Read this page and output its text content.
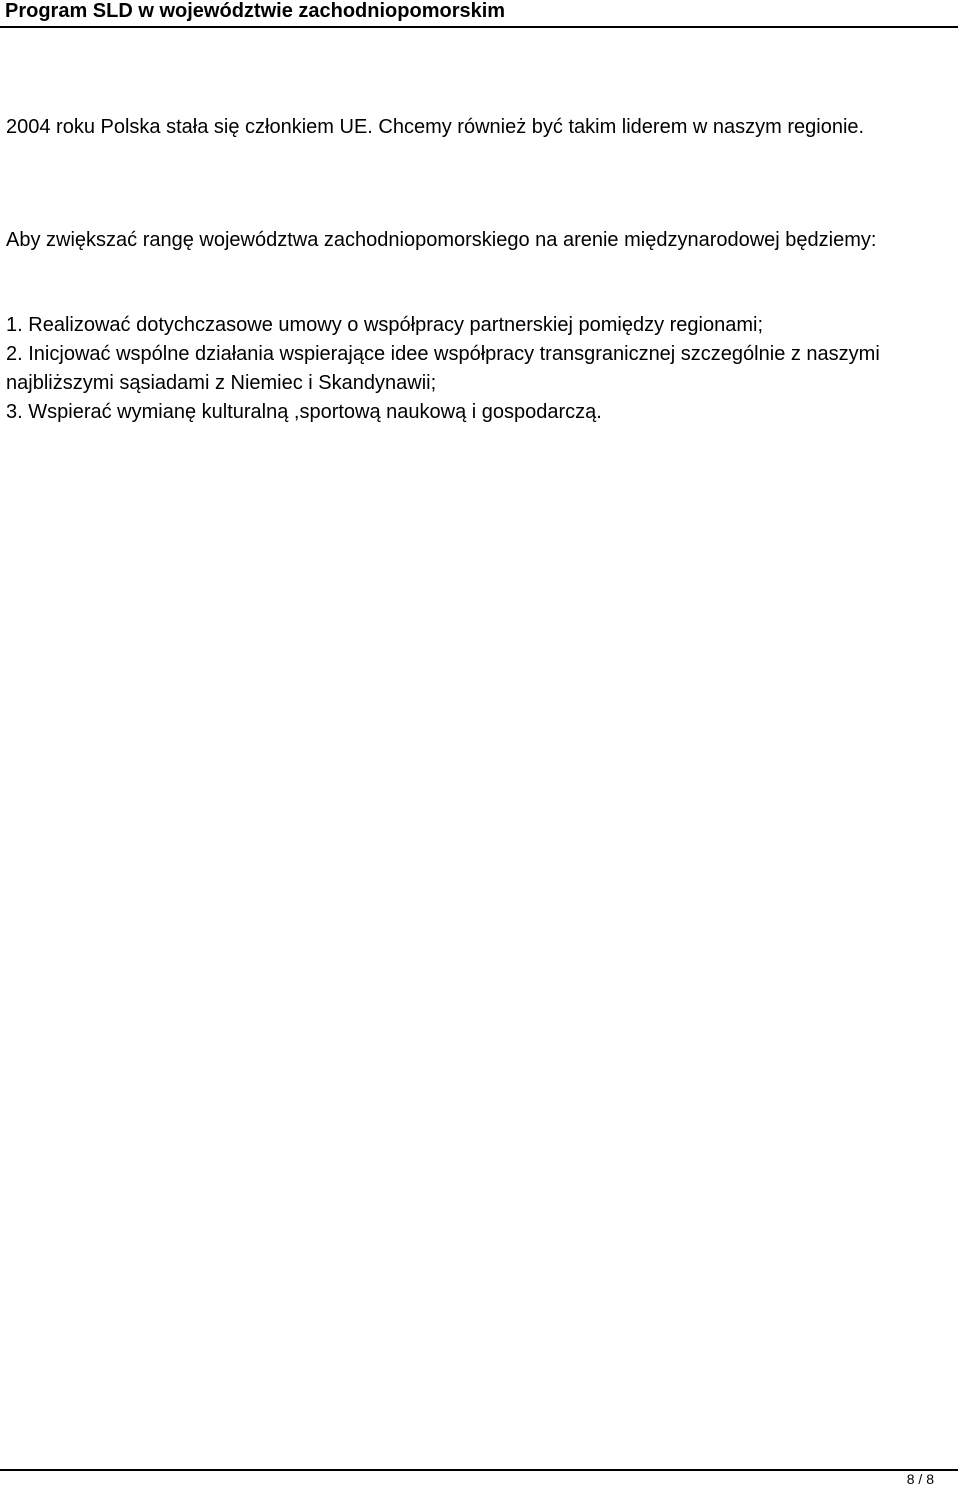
Program SLD w województwie zachodniopomorskim

2004 roku Polska stała się członkiem UE. Chcemy również być takim liderem w naszym regionie.

Aby zwiększać rangę województwa zachodniopomorskiego na arenie międzynarodowej będziemy:

1. Realizować dotychczasowe umowy o współpracy partnerskiej pomiędzy regionami;

2. Inicjować wspólne działania wspierające idee współpracy transgranicznej szczególnie z naszymi najbliższymi sąsiadami z Niemiec i Skandynawii;

3. Wspierać wymianę kulturalną ,sportową naukową i gospodarczą.

8 / 8
